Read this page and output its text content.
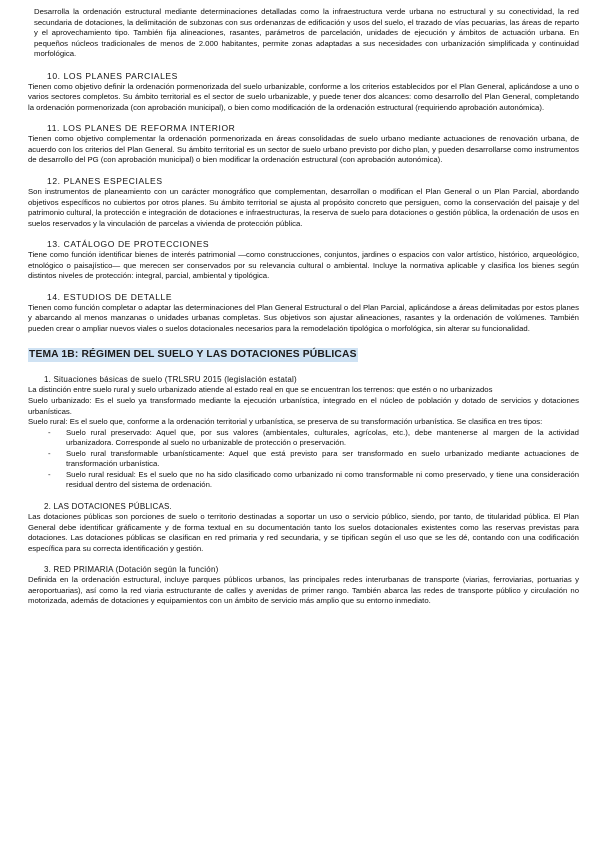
Desarrolla la ordenación estructural mediante determinaciones detalladas como la infraestructura verde urbana no estructural y su conectividad, la red secundaria de dotaciones, la delimitación de subzonas con sus ordenanzas de edificación y usos del suelo, el trazado de vías pecuarias, las áreas de reparto y el aprovechamiento tipo. También fija alineaciones, rasantes, parámetros de parcelación, unidades de ejecución y ámbitos de actuación urbana. En pequeños núcleos tradicionales de menos de 2.000 habitantes, permite zonas adaptadas a sus necesidades con urbanización simplificada y continuidad morfológica.

10. LOS PLANES PARCIALES

Tienen como objetivo definir la ordenación pormenorizada del suelo urbanizable, conforme a los criterios establecidos por el Plan General, aplicándose a uno o varios sectores completos. Su ámbito territorial es el sector de suelo urbanizable, y puede tener dos alcances: como desarrollo del Plan General, completando la ordenación pormenorizada (con aprobación municipal), o bien como modificación de la ordenación estructural (requiriendo aprobación autonómica).

11. LOS PLANES DE REFORMA INTERIOR

Tienen como objetivo complementar la ordenación pormenorizada en áreas consolidadas de suelo urbano mediante actuaciones de renovación urbana, de acuerdo con los criterios del Plan General. Su ámbito territorial es un sector de suelo urbano previsto por dicho plan, y pueden desarrollarse como instrumentos de desarrollo del PG (con aprobación municipal) o bien modificar la ordenación estructural (con aprobación autonómica).

12. PLANES ESPECIALES

Son instrumentos de planeamiento con un carácter monográfico que complementan, desarrollan o modifican el Plan General o un Plan Parcial, abordando objetivos específicos no cubiertos por otros planes. Su ámbito territorial se ajusta al propósito concreto que persiguen, como la conservación del paisaje y del patrimonio cultural, la protección e integración de dotaciones e infraestructuras, la reserva de suelo para dotaciones o gestión pública, la ordenación de usos en suelos reservados y la vinculación de parcelas a vivienda de protección pública.

13. CATÁLOGO DE PROTECCIONES

Tiene como función identificar bienes de interés patrimonial —como construcciones, conjuntos, jardines o espacios con valor artístico, histórico, arqueológico, etnológico o paisajístico— que merecen ser conservados por su relevancia cultural o ambiental. Incluye la normativa aplicable y clasifica los bienes según distintos niveles de protección: integral, parcial, ambiental y tipológica.

14. ESTUDIOS DE DETALLE

Tienen como función completar o adaptar las determinaciones del Plan General Estructural o del Plan Parcial, aplicándose a áreas delimitadas por estos planes y abarcando al menos manzanas o unidades urbanas completas. Sus objetivos son ajustar alineaciones, rasantes y la ordenación de volúmenes. También pueden crear o ampliar nuevos viales o suelos dotacionales necesarios para la remodelación tipológica o morfológica, sin alterar su funcionalidad.

TEMA 1B: RÉGIMEN DEL SUELO Y LAS DOTACIONES PÚBLICAS
1. Situaciones básicas de suelo (TRLSRU 2015 (legislación estatal)

La distinción entre suelo rural y suelo urbanizado atiende al estado real en que se encuentran los terrenos: que estén o no urbanizados

Suelo urbanizado: Es el suelo ya transformado mediante la ejecución urbanística, integrado en el núcleo de población y dotado de servicios y dotaciones urbanísticas.

Suelo rural: Es el suelo que, conforme a la ordenación territorial y urbanística, se preserva de su transformación urbanística. Se clasifica en tres tipos:

- Suelo rural preservado: Aquel que, por sus valores (ambientales, culturales, agrícolas, etc.), debe mantenerse al margen de la actividad urbanizadora. Corresponde al suelo no urbanizable de protección o preservación.
- Suelo rural transformable urbanísticamente: Aquel que está previsto para ser transformado en suelo urbanizado mediante actuaciones de transformación urbanística.
- Suelo rural residual: Es el suelo que no ha sido clasificado como urbanizado ni como transformable ni como preservado, y tiene una consideración residual dentro del sistema de ordenación.
2. LAS DOTACIONES PÚBLICAS.

Las dotaciones públicas son porciones de suelo o territorio destinadas a soportar un uso o servicio público, siendo, por tanto, de titularidad pública. El Plan General debe identificar gráficamente y de forma textual en su documentación tanto los suelos dotacionales existentes como las reservas previstas para dotaciones. Las dotaciones públicas se clasifican en red primaria y red secundaria, y se tipifican según el uso que se les dé, contando con una codificación específica para su correcta identificación y gestión.

3. RED PRIMARIA (Dotación según la función)

Definida en la ordenación estructural, incluye parques públicos urbanos, las principales redes interurbanas de transporte (viarias, ferroviarias, portuarias y aeroportuarias), así como la red viaria estructurante de calles y avenidas de primer rango. También abarca las redes de transporte público y circulación no motorizada, además de dotaciones y equipamientos con un ámbito de servicio más amplio que su entorno inmediato.
